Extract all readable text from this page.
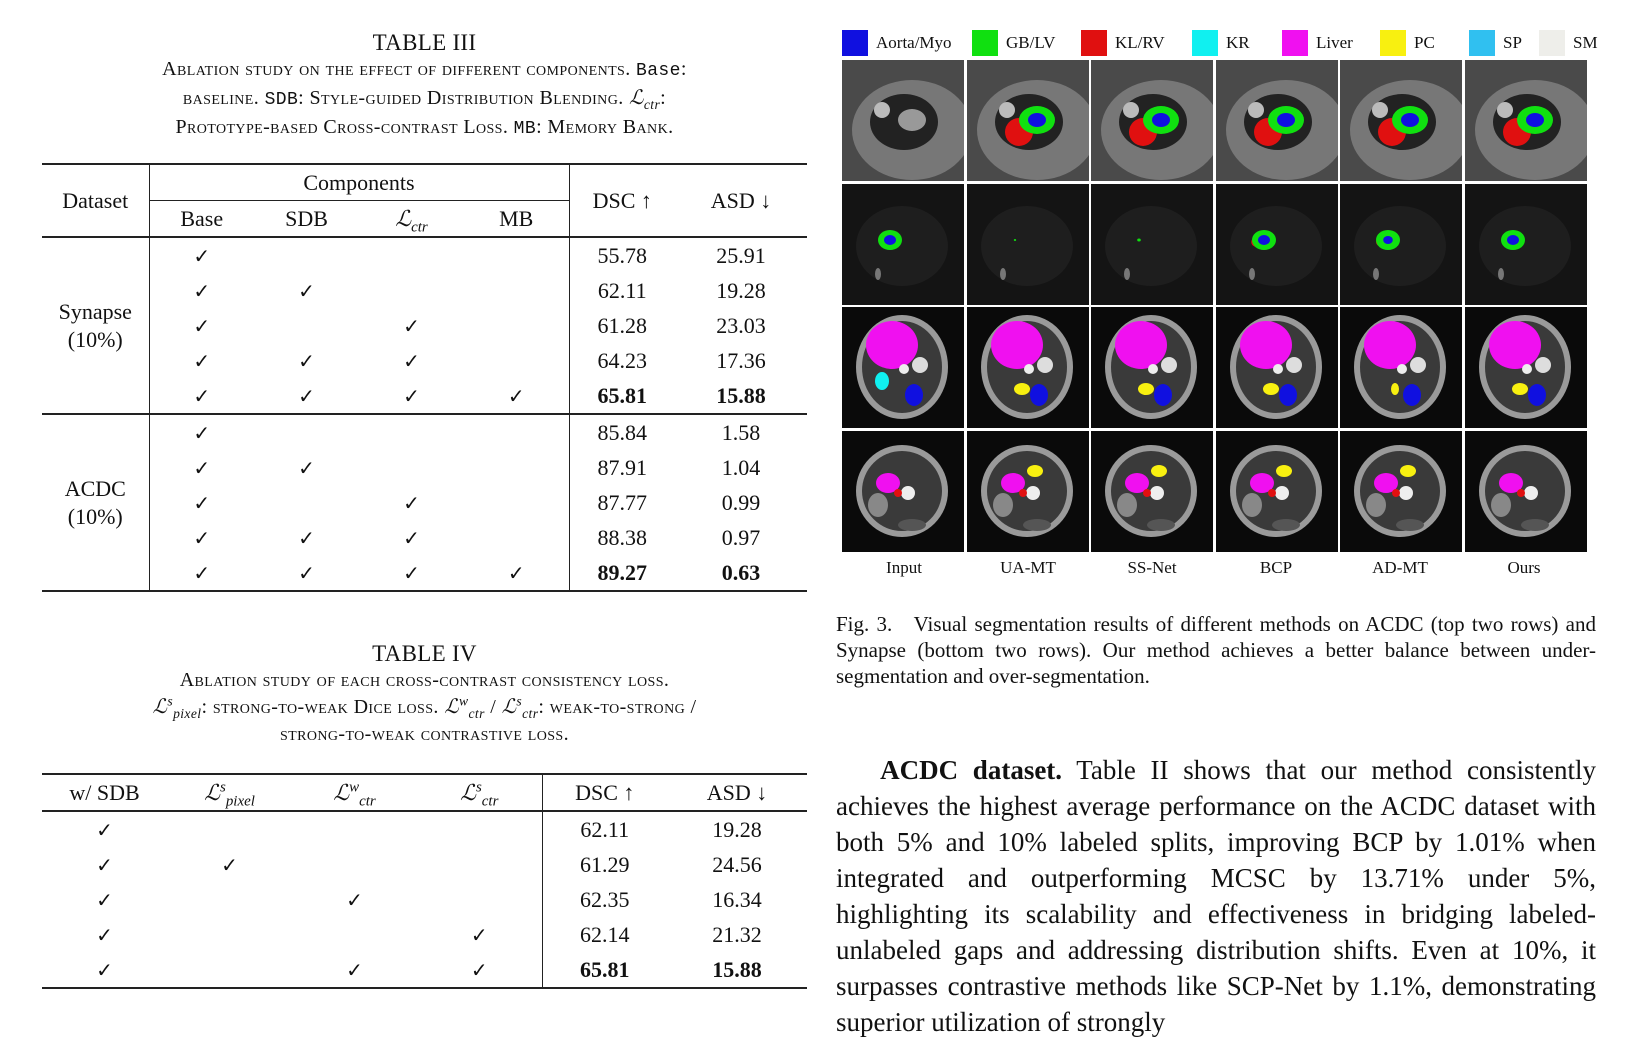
TABLE III
Ablation study on the effect of different components. Base:
baseline. SDB: Style-guided Distribution Blending. ℒ$_{ctr}$:
Prototype-based Cross-contrast Loss. MB: Memory Bank.
Dataset	Components				DSC ↑	ASD ↓
	Base	SDB	ℒ$_{ctr}$	MB		

Synapse
(10%)	✓				55.78	25.91
	✓	✓			62.11	19.28
	✓		✓		61.28	23.03
	✓	✓	✓		64.23	17.36
	✓	✓	✓	✓	65.81	15.88

ACDC
(10%)	✓				85.84	1.58
	✓	✓			87.91	1.04
	✓		✓		87.77	0.99
	✓	✓	✓		88.38	0.97
	✓	✓	✓	✓	89.27	0.63
TABLE IV
Ablation study of each cross-contrast consistency loss.
ℒ$^s_{pixel}$: strong-to-weak Dice loss. ℒ$^w_{ctr}$ / ℒ$^s_{ctr}$: weak-to-strong /
strong-to-weak contrastive loss.
w/ SDB	ℒ$^s_{pixel}$	ℒ$^w_{ctr}$	ℒ$^s_{ctr}$	DSC ↑	ASD ↓
✓				62.11	19.28
✓	✓			61.29	24.56
✓		✓		62.35	16.34
✓			✓	62.14	21.32
✓		✓	✓	65.81	15.88
Aorta/Myo	GB/LV	KL/RV	KR	Liver	PC	SP	SM
Input	UA-MT	SS-Net	BCP	AD-MT	Ours
Fig. 3. Visual segmentation results of different methods on ACDC (top two rows) and Synapse (bottom two rows). Our method achieves a better balance between under-segmentation and over-segmentation.
ACDC dataset. Table II shows that our method consistently achieves the highest average performance on the ACDC dataset with both 5% and 10% labeled splits, improving BCP by 1.01% when integrated and outperforming MCSC by 13.71% under 5%, highlighting its scalability and effectiveness in bridging labeled-unlabeled gaps and addressing distribution shifts. Even at 10%, it surpasses contrastive methods like SCP-Net by 1.1%, demonstrating superior utilization of strongly
